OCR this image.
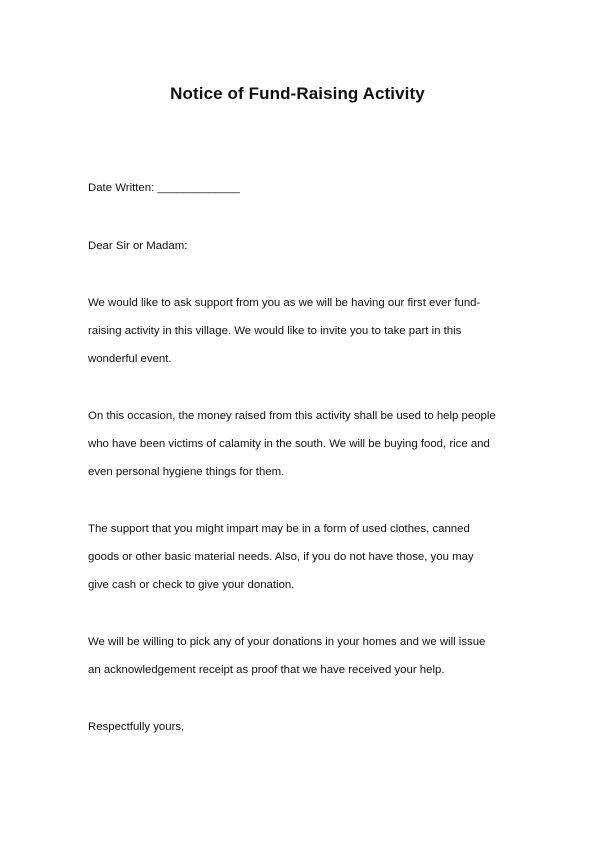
Notice of Fund-Raising Activity
Date Written: _____________
Dear Sir or Madam:
We would like to ask support from you as we will be having our first ever fund-
raising activity in this village. We would like to invite you to take part in this
wonderful event.
On this occasion, the money raised from this activity shall be used to help people
who have been victims of calamity in the south. We will be buying food, rice and
even personal hygiene things for them.
The support that you might impart may be in a form of used clothes, canned
goods or other basic material needs. Also, if you do not have those, you may
give cash or check to give your donation.
We will be willing to pick any of your donations in your homes and we will issue
an acknowledgement receipt as proof that we have received your help.
Respectfully yours,
